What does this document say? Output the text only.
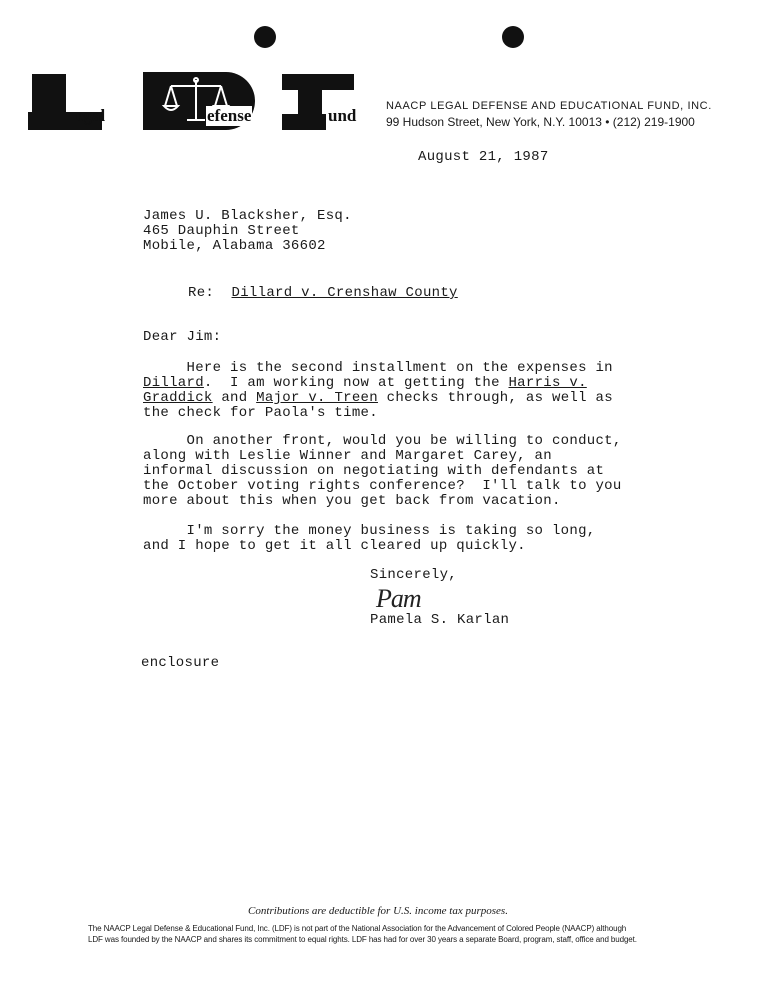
egal	efense	und	NAACP LEGAL DEFENSE AND EDUCATIONAL FUND, INC.
99 Hudson Street, New York, N.Y. 10013 • (212) 219-1900
August 21, 1987
James U. Blacksher, Esq.
465 Dauphin Street
Mobile, Alabama 36602
Re: Dillard v. Crenshaw County
Dear Jim:
Here is the second installment on the expenses in
Dillard.  I am working now at getting the Harris v.
Graddick and Major v. Treen checks through, as well as
the check for Paola's time.
On another front, would you be willing to conduct,
along with Leslie Winner and Margaret Carey, an
informal discussion on negotiating with defendants at
the October voting rights conference?  I'll talk to you
more about this when you get back from vacation.
I'm sorry the money business is taking so long,
and I hope to get it all cleared up quickly.
Sincerely,
Pam
Pamela S. Karlan
enclosure
Contributions are deductible for U.S. income tax purposes.
The NAACP Legal Defense & Educational Fund, Inc. (LDF) is not part of the National Association for the Advancement of Colored People (NAACP) although
LDF was founded by the NAACP and shares its commitment to equal rights. LDF has had for over 30 years a separate Board, program, staff, office and budget.
